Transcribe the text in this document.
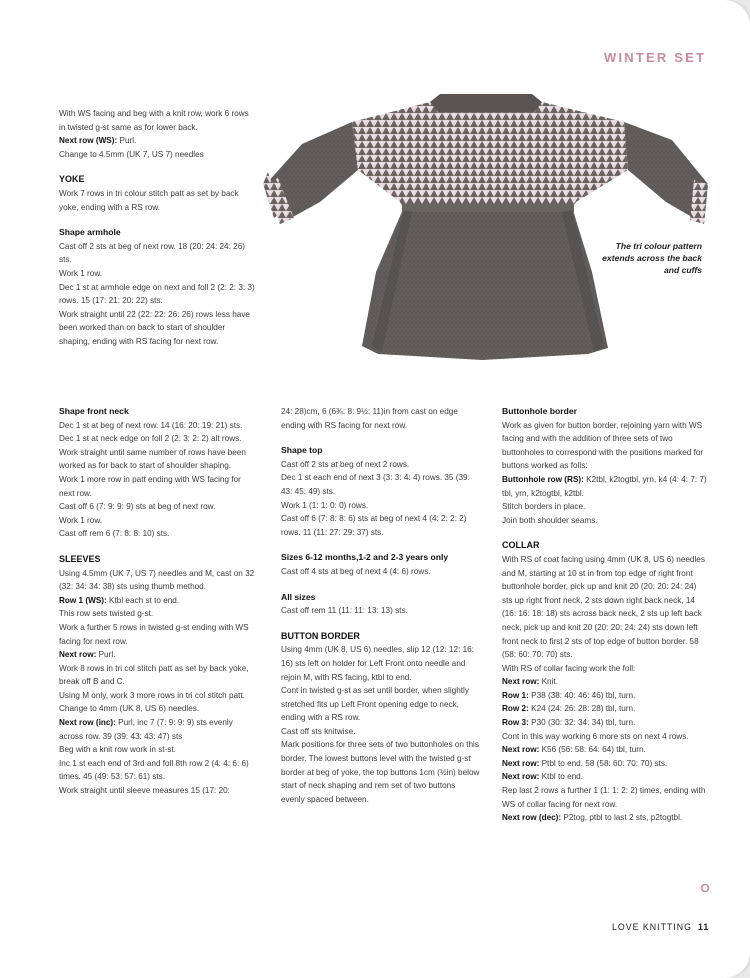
WINTER SET
The tri colour pattern extends across the back and cuffs

With WS facing and beg with a knit row, work 6 rows in twisted g-st same as for lower back.

Next row (WS): Purl.

Change to 4.5mm (UK 7, US 7) needles

YOKE

Work 7 rows in tri colour stitch patt as set by back yoke, ending with a RS row.

Shape armhole

Cast off 2 sts at beg of next row. 18 (20: 24: 24: 26) sts.

Work 1 row.

Dec 1 st at armhole edge on next and foll 2 (2: 2: 3: 3) rows. 15 (17: 21: 20: 22) sts.

Work straight until 22 (22: 22: 26: 26) rows less have been worked than on back to start of shoulder shaping, ending with RS facing for next row.

Shape front neck

Dec 1 st at beg of next row. 14 (16: 20: 19: 21) sts.

Dec 1 st at neck edge on foll 2 (2: 3: 2: 2) alt rows.

Work straight until same number of rows have been worked as for back to start of shoulder shaping.

Work 1 more row in patt ending with WS facing for next row.

Cast off 6 (7: 9: 9: 9) sts at beg of next row.

Work 1 row.

Cast off rem 6 (7: 8: 8: 10) sts.

SLEEVES

Using 4.5mm (UK 7, US 7) needles and M, cast on 32 (32: 34: 34: 38) sts using thumb method.

Row 1 (WS): Ktbl each st to end.

This row sets twisted g-st.

Work a further 5 rows in twisted g-st ending with WS facing for next row.

Next row: Purl.

Work 8 rows in tri col stitch patt as set by back yoke, break off B and C.

Using M only, work 3 more rows in tri col stitch patt.

Change to 4mm (UK 8, US 6) needles.

Next row (inc): Purl, inc 7 (7: 9: 9: 9) sts evenly across row. 39 (39: 43: 43: 47) sts

Beg with a knit row work in st-st.

Inc 1 st each end of 3rd and foll 8th row 2 (4: 4: 6: 6) times. 45 (49: 53: 57: 61) sts.

Work straight until sleeve measures 15 (17: 20:

24: 28)cm, 6 (6¾: 8: 9½: 11)in from cast on edge ending with RS facing for next row.

Shape top

Cast off 2 sts at beg of next 2 rows.

Dec 1 st each end of next 3 (3: 3: 4: 4) rows. 35 (39: 43: 45: 49) sts.

Work 1 (1: 1: 0: 0) rows.

Cast off 6 (7: 8: 8: 6) sts at beg of next 4 (4: 2: 2: 2) rows. 11 (11: 27: 29: 37) sts.

Sizes 6-12 months,1-2 and 2-3 years only

Cast off 4 sts at beg of next 4 (4: 6) rows.

All sizes

Cast off rem 11 (11: 11: 13: 13) sts.

BUTTON BORDER

Using 4mm (UK 8, US 6) needles, slip 12 (12: 12: 16: 16) sts left on holder for Left Front onto needle and rejoin M, with RS facing, ktbl to end.

Cont in twisted g-st as set until border, when slightly stretched fits up Left Front opening edge to neck, ending with a RS row.

Cast off sts knitwise.

Mark positions for three sets of two buttonholes on this border. The lowest buttons level with the twisted g-st border at beg of yoke, the top buttons 1cm (½in) below start of neck shaping and rem set of two buttons evenly spaced between.

Buttonhole border

Work as given for button border, rejoining yarn with WS facing and with the addition of three sets of two buttonholes to correspond with the positions marked for buttons worked as folls:

Buttonhole row (RS): K2tbl, k2togtbl, yrn, k4 (4: 4: 7: 7) tbl, yrn, k2togtbl, k2tbl.

Stitch borders in place.

Join both shoulder seams.

COLLAR

With RS of coat facing using 4mm (UK 8, US 6) needles and M, starting at 10 st in from top edge of right front buttonhole border, pick up and knit 20 (20: 20: 24: 24) sts up right front neck, 2 sts down right back neck, 14 (16: 16: 18: 18) sts across back neck, 2 sts up left back neck, pick up and knit 20 (20: 20: 24: 24) sts down left front neck to first 2 sts of top edge of button border. 58 (58: 60: 70: 70) sts.

With RS of collar facing work the foll:

Next row: Knit.

Row 1: P38 (38: 40: 46: 46) tbl, turn.

Row 2: K24 (24: 26: 28: 28) tbl, turn.

Row 3: P30 (30: 32: 34: 34) tbl, turn.

Cont in this way working 6 more sts on next 4 rows.

Next row: K56 (56: 58: 64: 64) tbl, turn.

Next row: Ptbl to end. 58 (58: 60: 70: 70) sts.

Next row: Ktbl to end.

Rep last 2 rows a further 1 (1: 1: 2: 2) times, ending with WS of collar facing for next row.

Next row (dec): P2tog, ptbl to last 2 sts, p2togtbl.

LOVE KNITTING 11
